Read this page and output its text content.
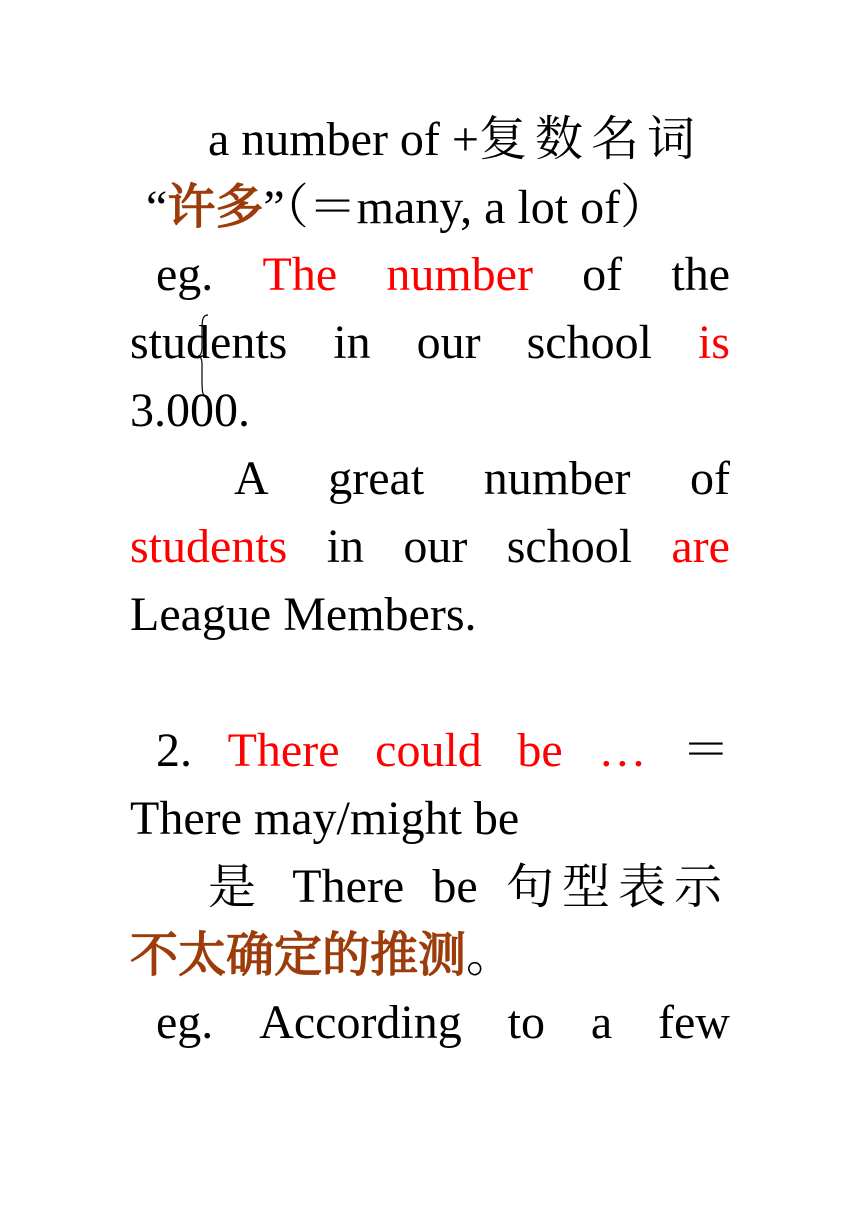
a number of +复数名词
“许多”（＝many, a lot of）
eg. The number of the
students in our school is
3.000.
A great number of
students in our school are
League Members.
2. There could be … ＝
There may/might be
是 There be 句型表示
不太确定的推测。
eg. According to a few
